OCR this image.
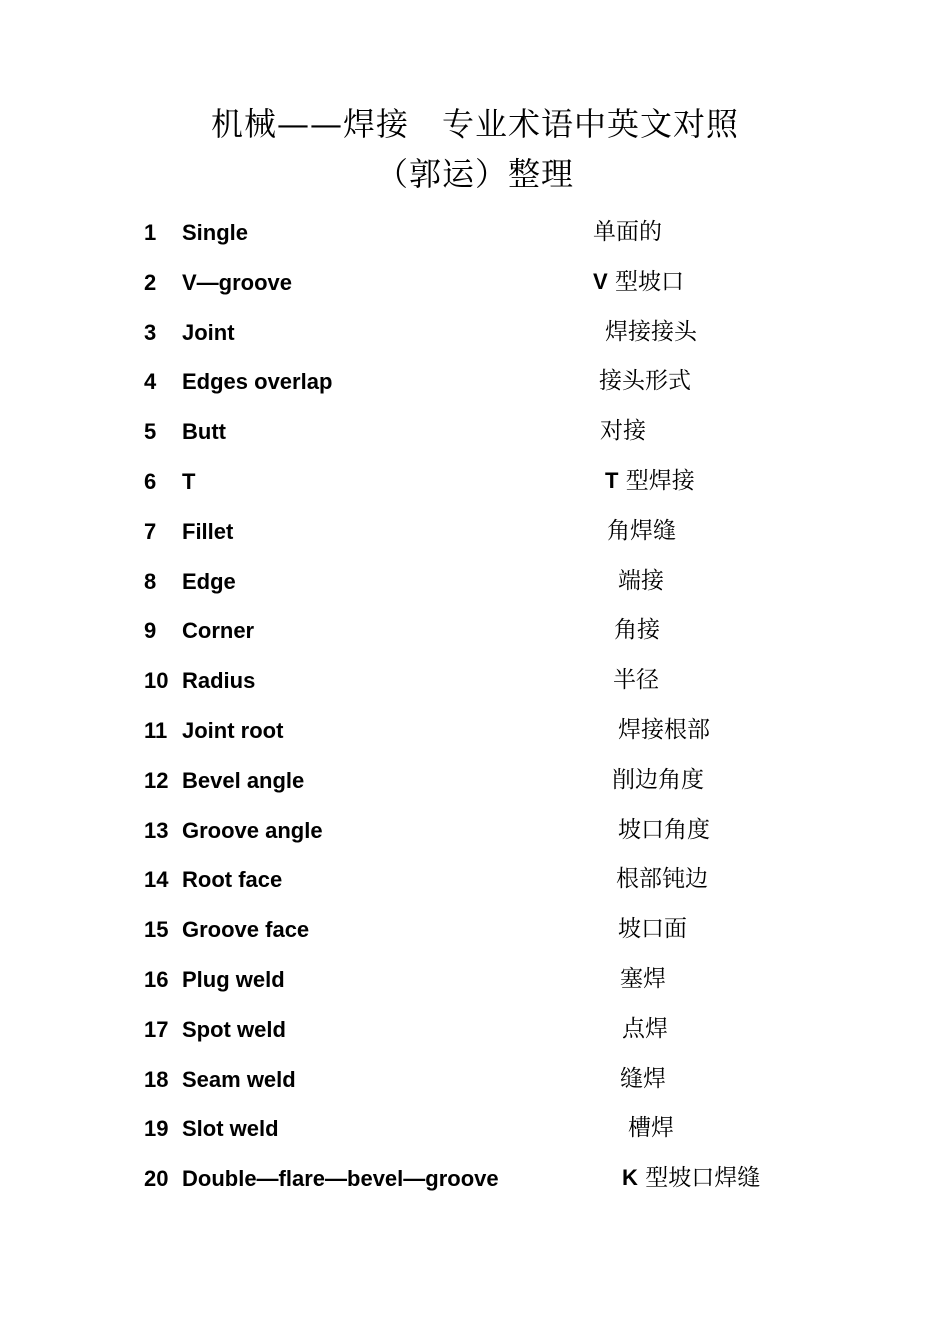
机械——焊接　专业术语中英文对照
（郭运）整理
1 Single	单面的
2 V—groove	V 型坡口
3 Joint	焊接接头
4 Edges overlap	接头形式
5 Butt	对接
6 T	T 型焊接
7 Fillet	角焊缝
8 Edge	端接
9 Corner	角接
10 Radius	半径
11 Joint root	焊接根部
12 Bevel angle	削边角度
13 Groove angle	坡口角度
14 Root face	根部钝边
15 Groove face	坡口面
16 Plug weld	塞焊
17 Spot weld	点焊
18 Seam weld	缝焊
19 Slot weld	槽焊
20 Double—flare—bevel—groove	K 型坡口焊缝
